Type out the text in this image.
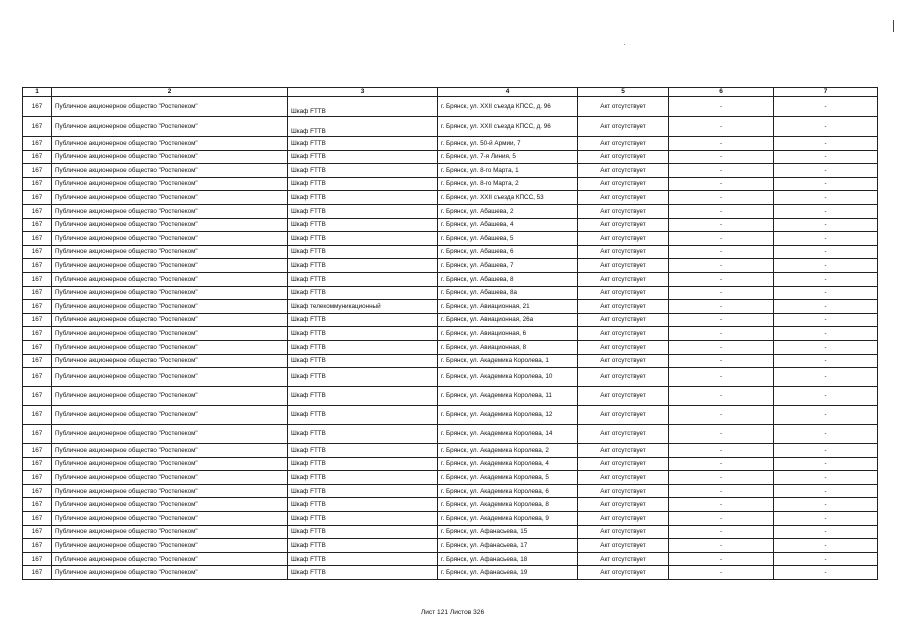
1	2	3	4	5	6	7
167	Публичное акционерное общество "Ростелеком"	Шкаф FTTB	г. Брянск, ул. XXII съезда КПСС, д. 96	Акт отсутствует	-	-
167	Публичное акционерное общество "Ростелеком"	Шкаф FTTB	г. Брянск, ул. XXII съезда КПСС, д. 96	Акт отсутствует	-	-
167	Публичное акционерное общество "Ростелеком"	Шкаф FTTB	г. Брянск, ул. 50-й Армии, 7	Акт отсутствует	-	-
167	Публичное акционерное общество "Ростелеком"	Шкаф FTTB	г. Брянск, ул. 7-я Линия, 5	Акт отсутствует	-	-
167	Публичное акционерное общество "Ростелеком"	Шкаф FTTB	г. Брянск, ул. 8-го Марта, 1	Акт отсутствует	-	-
167	Публичное акционерное общество "Ростелеком"	Шкаф FTTB	г. Брянск, ул. 8-го Марта, 2	Акт отсутствует	-	-
167	Публичное акционерное общество "Ростелеком"	Шкаф FTTB	г. Брянск, ул. XXII съезда КПСС, 53	Акт отсутствует	-	-
167	Публичное акционерное общество "Ростелеком"	Шкаф FTTB	г. Брянск, ул. Абашева, 2	Акт отсутствует	-	-
167	Публичное акционерное общество "Ростелеком"	Шкаф FTTB	г. Брянск, ул. Абашева, 4	Акт отсутствует	-	-
167	Публичное акционерное общество "Ростелеком"	Шкаф FTTB	г. Брянск, ул. Абашева, 5	Акт отсутствует	-	-
167	Публичное акционерное общество "Ростелеком"	Шкаф FTTB	г. Брянск, ул. Абашева, 6	Акт отсутствует	-	-
167	Публичное акционерное общество "Ростелеком"	Шкаф FTTB	г. Брянск, ул. Абашева, 7	Акт отсутствует	-	-
167	Публичное акционерное общество "Ростелеком"	Шкаф FTTB	г. Брянск, ул. Абашева, 8	Акт отсутствует	-	-
167	Публичное акционерное общество "Ростелеком"	Шкаф FTTB	г. Брянск, ул. Абашева, 8а	Акт отсутствует	-	-
167	Публичное акционерное общество "Ростелеком"	Шкаф телекоммуникационный	г. Брянск, ул. Авиационная, 21	Акт отсутствует	-	-
167	Публичное акционерное общество "Ростелеком"	Шкаф FTTB	г. Брянск, ул. Авиационная, 26а	Акт отсутствует	-	-
167	Публичное акционерное общество "Ростелеком"	Шкаф FTTB	г. Брянск, ул. Авиационная, 6	Акт отсутствует	-	-
167	Публичное акционерное общество "Ростелеком"	Шкаф FTTB	г. Брянск, ул. Авиационная, 8	Акт отсутствует	-	-
167	Публичное акционерное общество "Ростелеком"	Шкаф FTTB	г. Брянск, ул. Академика Королева, 1	Акт отсутствует	-	-
167	Публичное акционерное общество "Ростелеком"	Шкаф FTTB	г. Брянск, ул. Академика Королева, 10	Акт отсутствует	-	-
167	Публичное акционерное общество "Ростелеком"	Шкаф FTTB	г. Брянск, ул. Академика Королева, 11	Акт отсутствует	-	-
167	Публичное акционерное общество "Ростелеком"	Шкаф FTTB	г. Брянск, ул. Академика Королева, 12	Акт отсутствует	-	-
167	Публичное акционерное общество "Ростелеком"	Шкаф FTTB	г. Брянск, ул. Академика Королева, 14	Акт отсутствует	-	-
167	Публичное акционерное общество "Ростелеком"	Шкаф FTTB	г. Брянск, ул. Академика Королева, 2	Акт отсутствует	-	-
167	Публичное акционерное общество "Ростелеком"	Шкаф FTTB	г. Брянск, ул. Академика Королева, 4	Акт отсутствует	-	-
167	Публичное акционерное общество "Ростелеком"	Шкаф FTTB	г. Брянск, ул. Академика Королева, 5	Акт отсутствует	-	-
167	Публичное акционерное общество "Ростелеком"	Шкаф FTTB	г. Брянск, ул. Академика Королева, 6	Акт отсутствует	-	-
167	Публичное акционерное общество "Ростелеком"	Шкаф FTTB	г. Брянск, ул. Академика Королева, 8	Акт отсутствует	-	-
167	Публичное акционерное общество "Ростелеком"	Шкаф FTTB	г. Брянск, ул. Академика Королева, 9	Акт отсутствует	-	-
167	Публичное акционерное общество "Ростелеком"	Шкаф FTTB	г. Брянск, ул. Афанасьева, 15	Акт отсутствует	-	-
167	Публичное акционерное общество "Ростелеком"	Шкаф FTTB	г. Брянск, ул. Афанасьева, 17	Акт отсутствует	-	-
167	Публичное акционерное общество "Ростелеком"	Шкаф FTTB	г. Брянск, ул. Афанасьева, 18	Акт отсутствует	-	-
167	Публичное акционерное общество "Ростелеком"	Шкаф FTTB	г. Брянск, ул. Афанасьева, 19	Акт отсутствует	-	-
Лист 121 Листов 326
